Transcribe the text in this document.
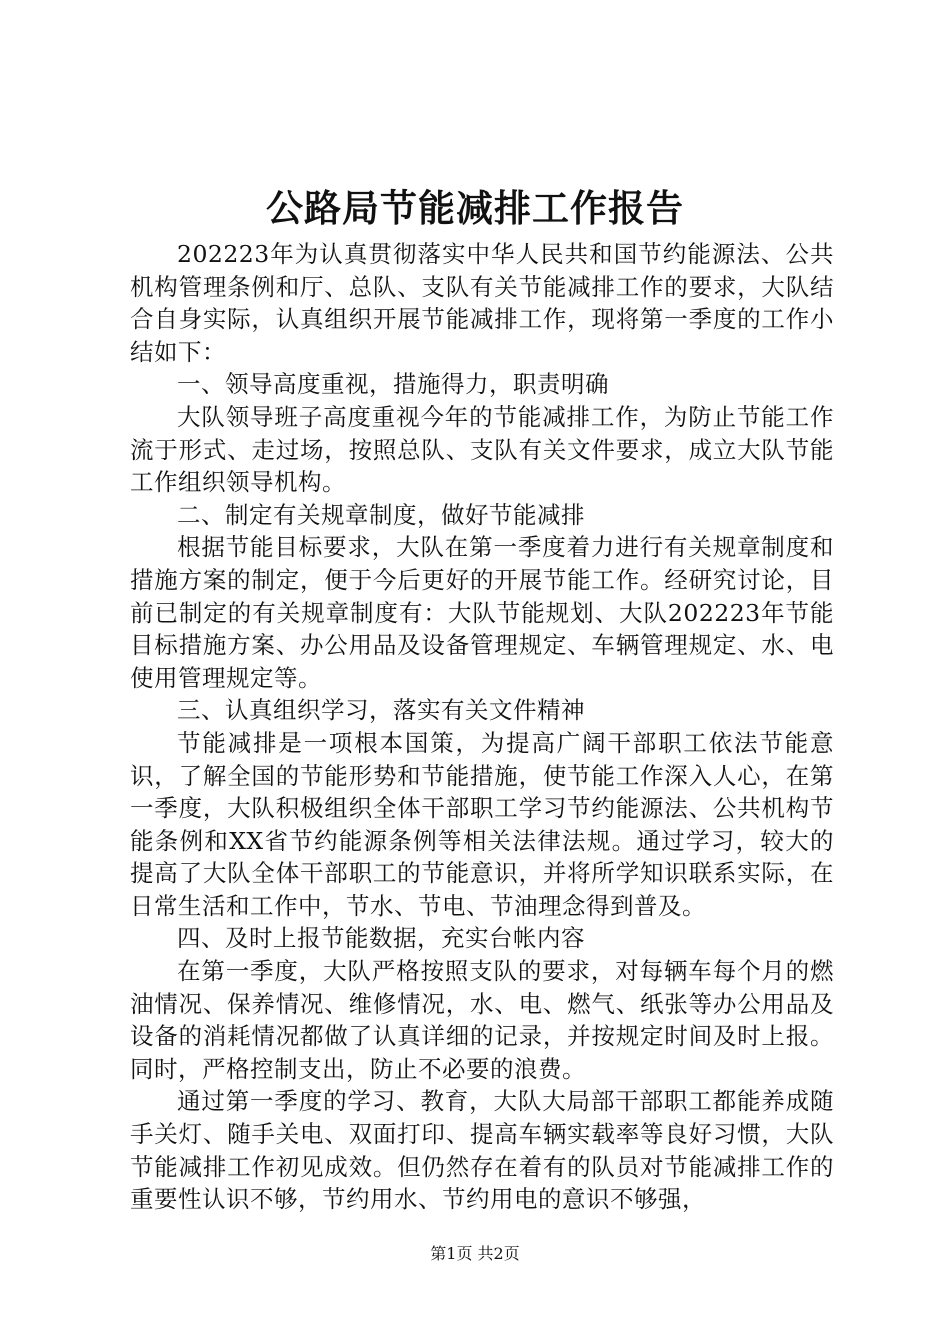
公路局节能减排工作报告

202223年为认真贯彻落实中华人民共和国节约能源法、公共机构管理条例和厅、总队、支队有关节能减排工作的要求，大队结合自身实际，认真组织开展节能减排工作，现将第一季度的工作小结如下：

一、领导高度重视，措施得力，职责明确

大队领导班子高度重视今年的节能减排工作，为防止节能工作流于形式、走过场，按照总队、支队有关文件要求，成立大队节能工作组织领导机构。

二、制定有关规章制度，做好节能减排

根据节能目标要求，大队在第一季度着力进行有关规章制度和措施方案的制定，便于今后更好的开展节能工作。经研究讨论，目前已制定的有关规章制度有：大队节能规划、大队202223年节能目标措施方案、办公用品及设备管理规定、车辆管理规定、水、电使用管理规定等。

三、认真组织学习，落实有关文件精神

节能减排是一项根本国策，为提高广阔干部职工依法节能意识，了解全国的节能形势和节能措施，使节能工作深入人心，在第一季度，大队积极组织全体干部职工学习节约能源法、公共机构节能条例和XX省节约能源条例等相关法律法规。通过学习，较大的提高了大队全体干部职工的节能意识，并将所学知识联系实际，在日常生活和工作中，节水、节电、节油理念得到普及。

四、及时上报节能数据，充实台帐内容

在第一季度，大队严格按照支队的要求，对每辆车每个月的燃油情况、保养情况、维修情况，水、电、燃气、纸张等办公用品及设备的消耗情况都做了认真详细的记录，并按规定时间及时上报。同时，严格控制支出，防止不必要的浪费。

通过第一季度的学习、教育，大队大局部干部职工都能养成随手关灯、随手关电、双面打印、提高车辆实载率等良好习惯，大队节能减排工作初见成效。但仍然存在着有的队员对节能减排工作的重要性认识不够，节约用水、节约用电的意识不够强，

第1页 共2页
